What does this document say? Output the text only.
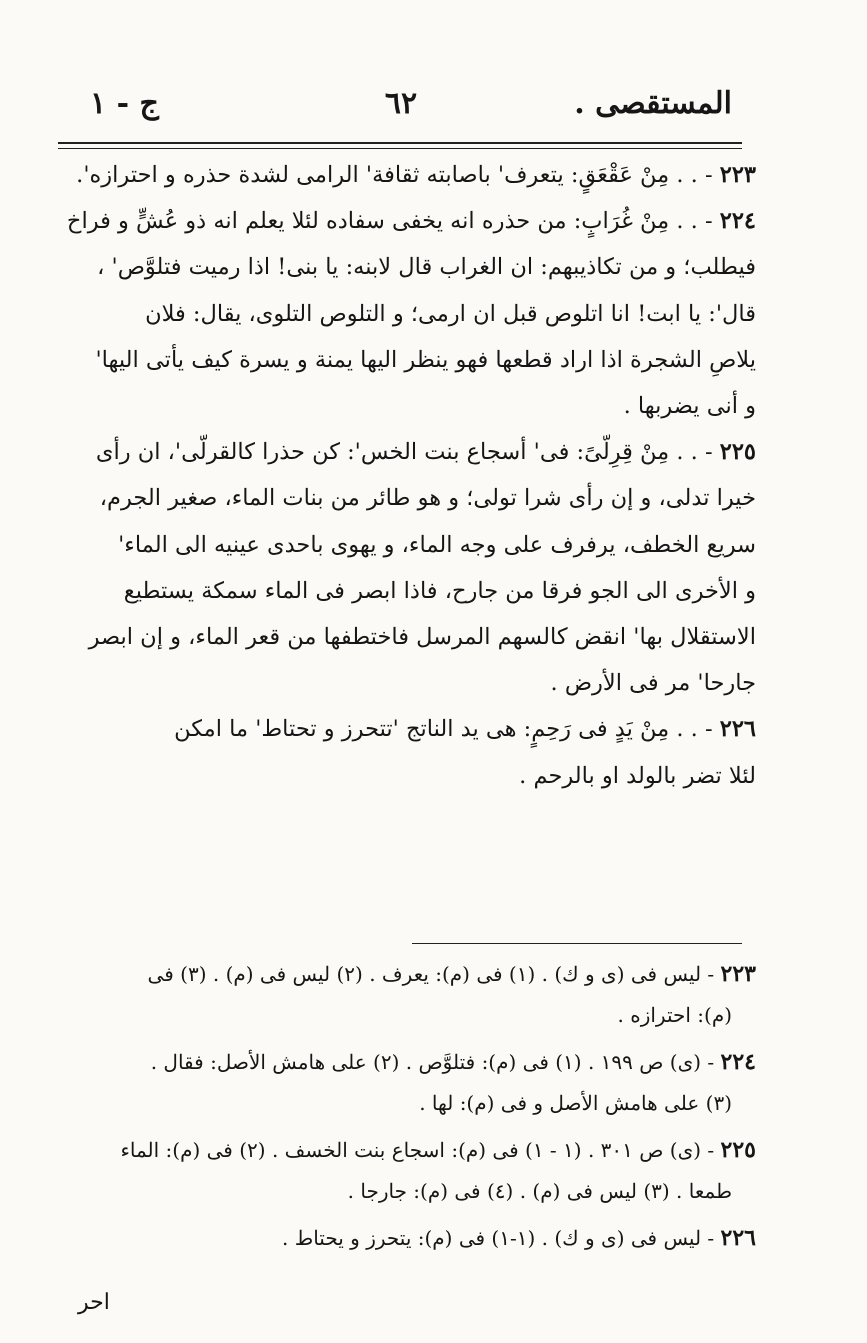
المستقصى .
٦٢
ج - ١
٢٢٣ - . . مِنْ عَقْعَقٍ: يتعرف' باصابته ثقافة' الرامى لشدة حذره و احترازه'.
٢٢٤ - . . مِنْ غُرَابٍ: من حذره انه يخفى سفاده لئلا يعلم انه ذو عُشٍّ و فراخ
فيطلب؛ و من تكاذيبهم: ان الغراب قال لابنه: يا بنى! اذا رميت فتلوَّص' ،
قال': يا ابت! انا اتلوص قبل ان ارمى؛ و التلوص التلوى، يقال: فلان
يلاصِ الشجرة اذا اراد قطعها فهو ينظر اليها يمنة و يسرة كيف يأتى اليها'
و أنى يضربها .
٢٢٥ - . . مِنْ قِرِلّىً: فى' أسجاع بنت الخس': كن حذرا كالقرلّى'، ان رأى
خيرا تدلى، و إن رأى شرا تولى؛ و هو طائر من بنات الماء، صغير الجرم،
سريع الخطف، يرفرف على وجه الماء، و يهوى باحدى عينيه الى الماء'
و الأخرى الى الجو فرقا من جارح، فاذا ابصر فى الماء سمكة يستطيع
الاستقلال بها' انقض كالسهم المرسل فاختطفها من قعر الماء، و إن ابصر
جارحا' مر فى الأرض .
٢٢٦ - . . مِنْ يَدٍ فى رَحِمٍ: هى يد الناتج 'تتحرز و تحتاط' ما امكن
لئلا تضر بالولد او بالرحم .
٢٢٣ - ليس فى (ى و ك) . (١) فى (م): يعرف . (٢) ليس فى (م) . (٣) فى
(م): احترازه .
٢٢٤ - (ى) ص ١٩٩ . (١) فى (م): فتلوَّص . (٢) على هامش الأصل: فقال .
(٣) على هامش الأصل و فى (م): لها .
٢٢٥ - (ى) ص ٣٠١ . (١ - ١) فى (م): اسجاع بنت الخسف . (٢) فى (م): الماء
طمعا . (٣) ليس فى (م) . (٤) فى (م): جارجا .
٢٢٦ - ليس فى (ى و ك) . (١-١) فى (م): يتحرز و يحتاط .
احر
